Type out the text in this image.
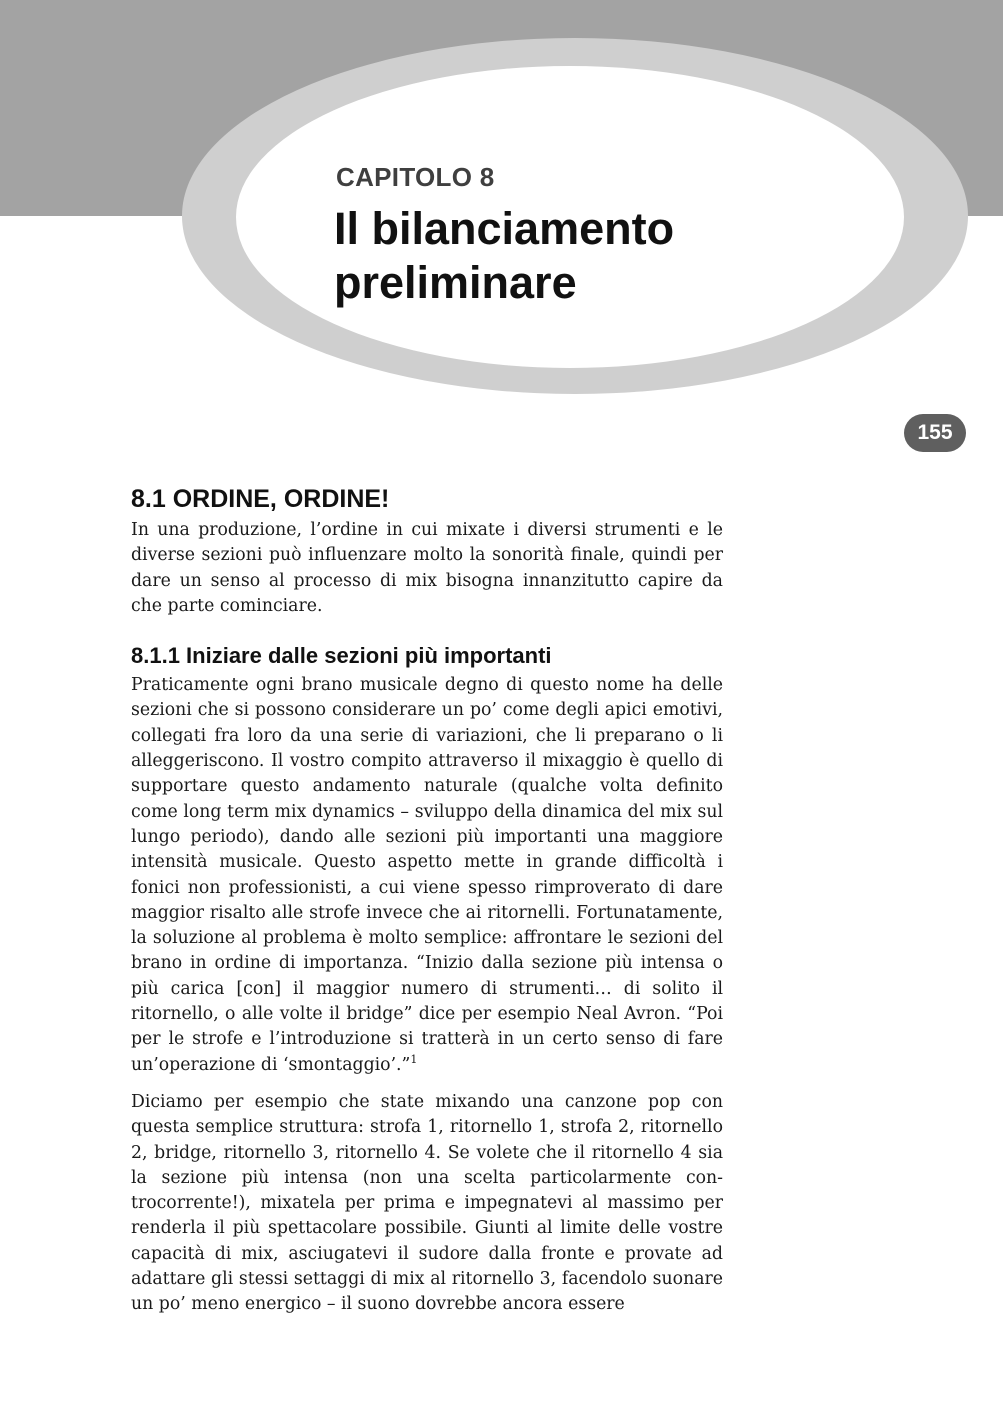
CAPITOLO 8
Il bilanciamento
preliminare
155
8.1 ORDINE, ORDINE!

In una produzione, l’ordine in cui mixate i diversi strumenti e le diverse sezioni può influenzare molto la sonorità finale, quindi per dare un senso al processo di mix bisogna innanzitutto capire da che parte cominciare.

8.1.1 Iniziare dalle sezioni più importanti

Praticamente ogni brano musicale degno di questo nome ha delle sezioni che si possono considerare un po’ come degli apici emotivi, collegati fra loro da una serie di variazioni, che li preparano o li alleggeriscono. Il vostro compito attraverso il mixaggio è quello di supportare questo andamento naturale (qualche volta definito come long term mix dynamics – sviluppo della dinamica del mix sul lungo periodo), dando alle sezioni più importanti una maggiore intensità musicale. Questo aspetto mette in grande difficoltà i fonici non professionisti, a cui viene spesso rimproverato di dare maggior risalto alle strofe invece che ai ritornelli. Fortunatamente, la soluzione al problema è molto semplice: affrontare le sezioni del brano in ordine di importanza. “Inizio dalla sezione più intensa o più carica [con] il maggior numero di strumenti… di solito il ritornello, o alle volte il bridge” dice per esempio Neal Avron. “Poi per le strofe e l’introduzione si tratterà in un certo senso di fare un’operazione di ‘smontaggio’.”$^1$

Diciamo per esempio che state mixando una canzone pop con questa semplice struttura: strofa 1, ritornello 1, strofa 2, ritornello 2, bridge, ritornello 3, ritornello 4. Se volete che il ritornello 4 sia la sezione più intensa (non una scelta particolarmente controcorrente!), mixatela per prima e impegnatevi al massimo per renderla il più spettacolare possibile. Giunti al limite delle vostre capacità di mix, asciugatevi il sudore dalla fronte e provate ad adattare gli stessi settaggi di mix al ritornello 3, facendolo suonare un po’ meno energico – il suono dovrebbe ancora essere
